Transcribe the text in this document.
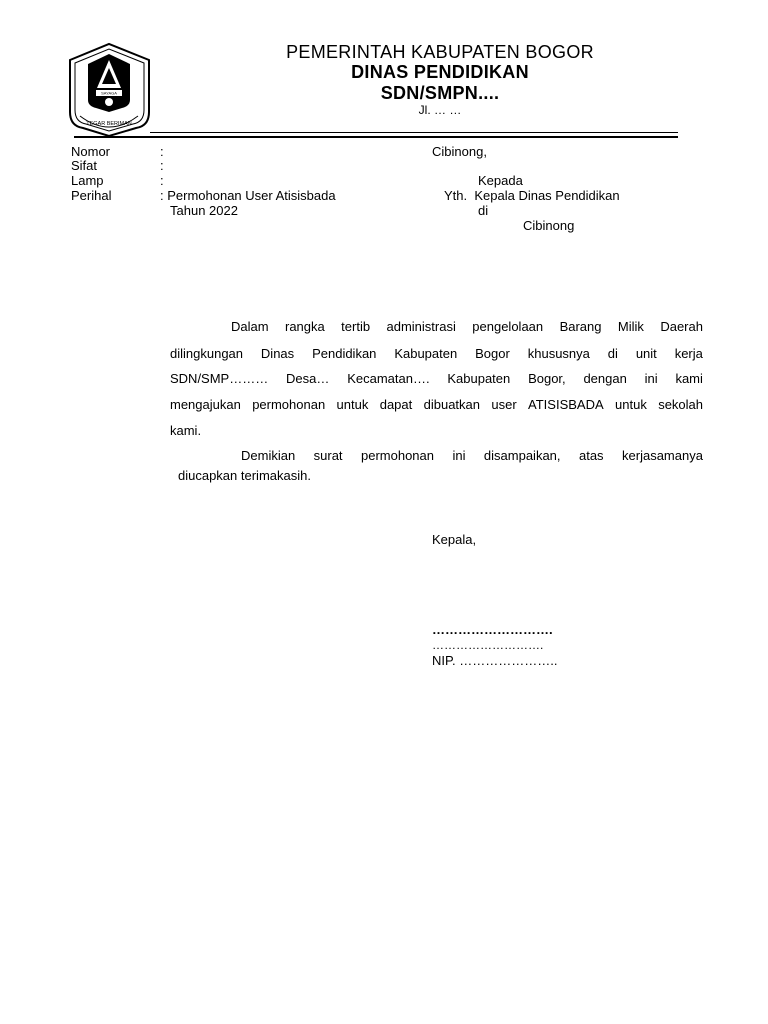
TEGAR BERIMAN
SAYAGA
PEMERINTAH KABUPATEN BOGOR
DINAS PENDIDIKAN
SDN/SMPN....
Jl. … …
Nomor	:
Sifat	:
Lamp	:
Perihal	: Permohonan User Atisisbada
Tahun 2022
Cibinong,
Kepada
Yth.  Kepala Dinas Pendidikan
di
Cibinong
Dalam rangka tertib administrasi pengelolaan Barang Milik Daerah
dilingkungan Dinas Pendidikan Kabupaten Bogor khususnya di unit kerja
SDN/SMP……… Desa… Kecamatan…. Kabupaten Bogor, dengan ini kami
mengajukan permohonan untuk dapat dibuatkan user ATISISBADA untuk sekolah
kami.
Demikian surat permohonan ini disampaikan, atas kerjasamanya
diucapkan terimakasih.
Kepala,
……………………….
……………………….
NIP. …………………..
